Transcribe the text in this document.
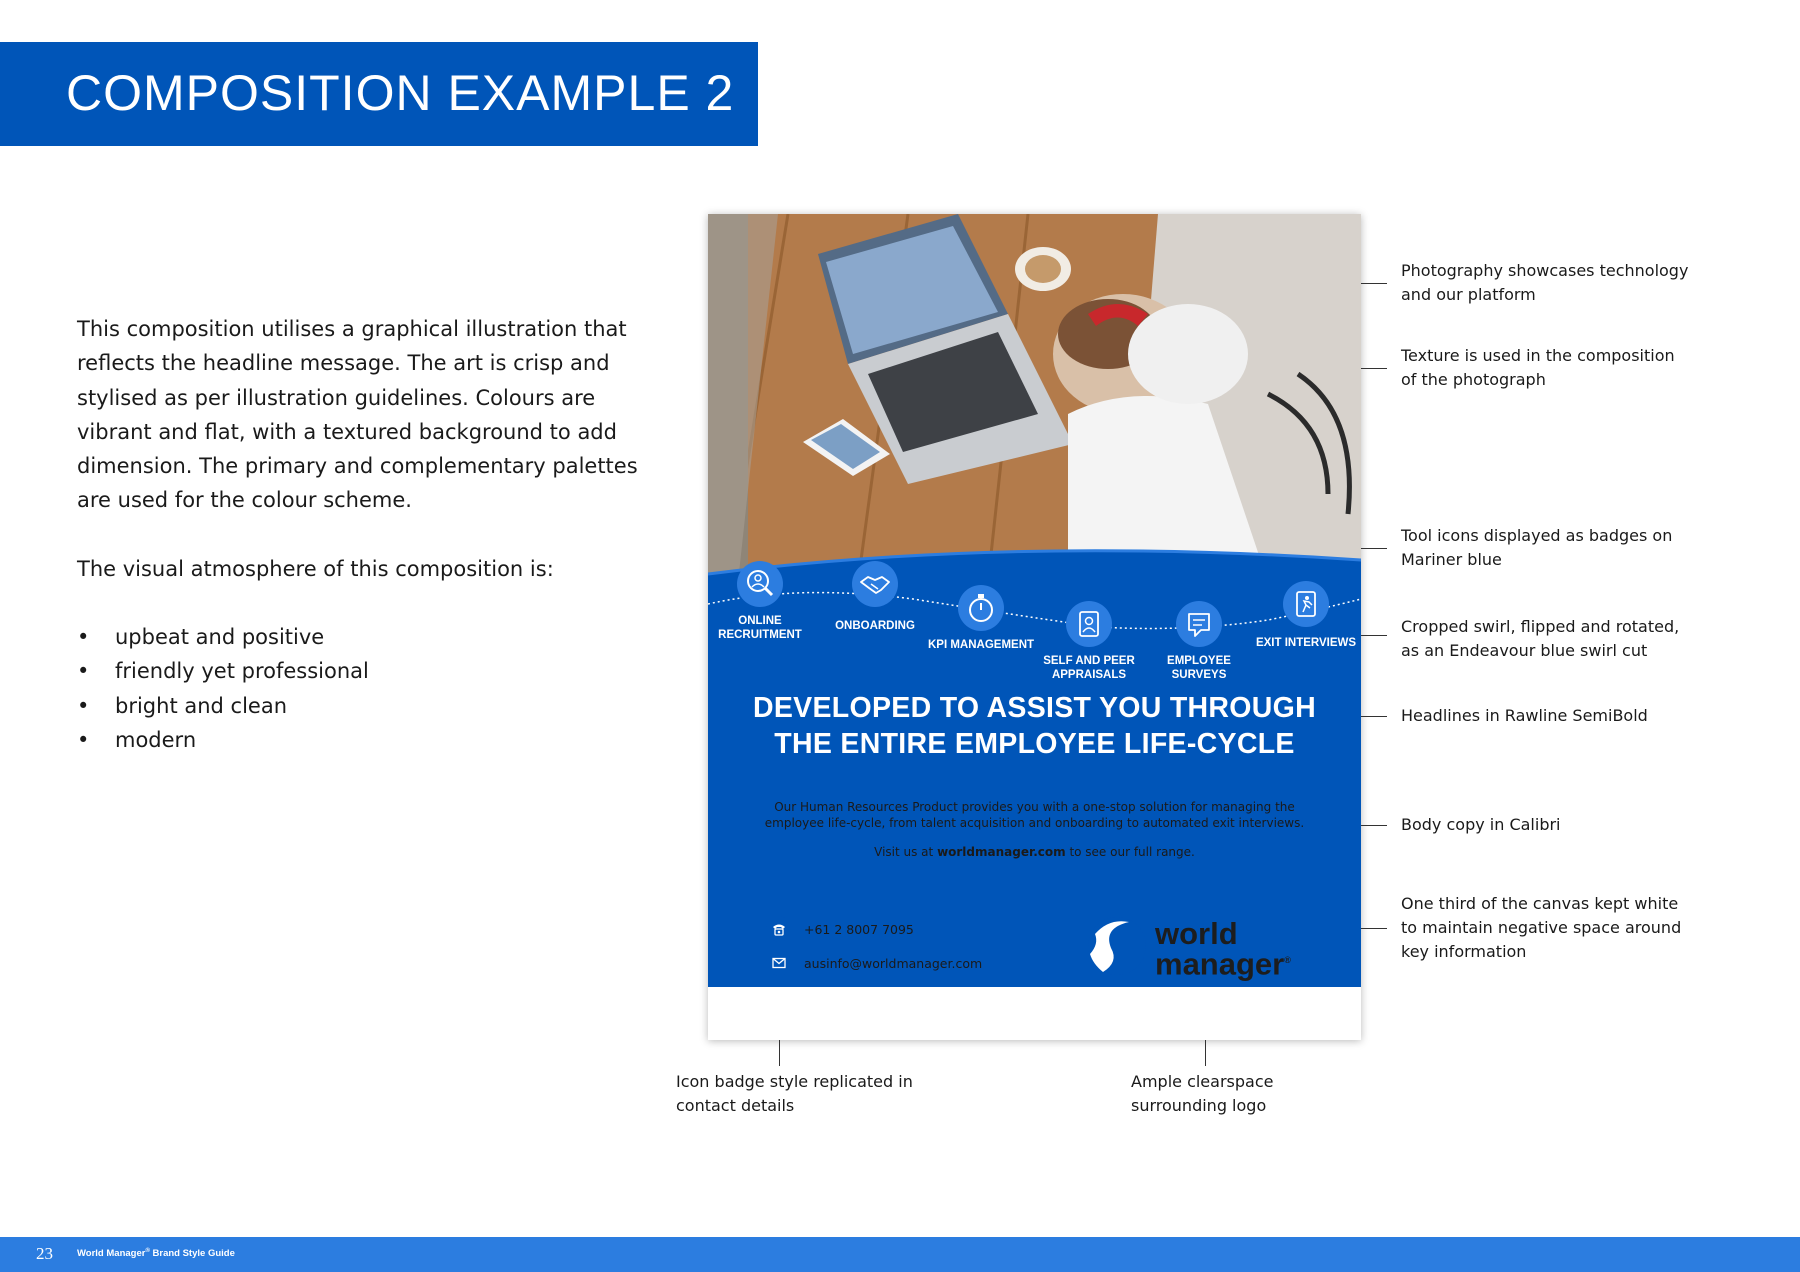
COMPOSITION EXAMPLE 2

This composition utilises a graphical illustration that reflects the headline message. The art is crisp and stylised as per illustration guidelines. Colours are vibrant and flat, with a textured background to add dimension. The primary and complementary palettes are used for the colour scheme.

The visual atmosphere of this composition is:

• upbeat and positive
• friendly yet professional
• bright and clean
• modern
ONLINE RECRUITMENT
ONBOARDING
KPI MANAGEMENT
SELF AND PEER APPRAISALS
EMPLOYEE SURVEYS
EXIT INTERVIEWS
DEVELOPED TO ASSIST YOU THROUGH
THE ENTIRE EMPLOYEE LIFE-CYCLE

Our Human Resources Product provides you with a one-stop solution for managing the

employee life-cycle, from talent acquisition and onboarding to automated exit interviews.

Visit us at worldmanager.com to see our full range.

+61 2 8007 7095
ausinfo@worldmanager.com
world
manager®
Photography showcases technology and our platform
Texture is used in the composition of the photograph
Tool icons displayed as badges on Mariner blue
Cropped swirl, flipped and rotated, as an Endeavour blue swirl cut
Headlines in Rawline SemiBold
Body copy in Calibri
One third of the canvas kept white to maintain negative space around key information
Icon badge style replicated in contact details
Ample clearspace surrounding logo
23	World Manager® Brand Style Guide
